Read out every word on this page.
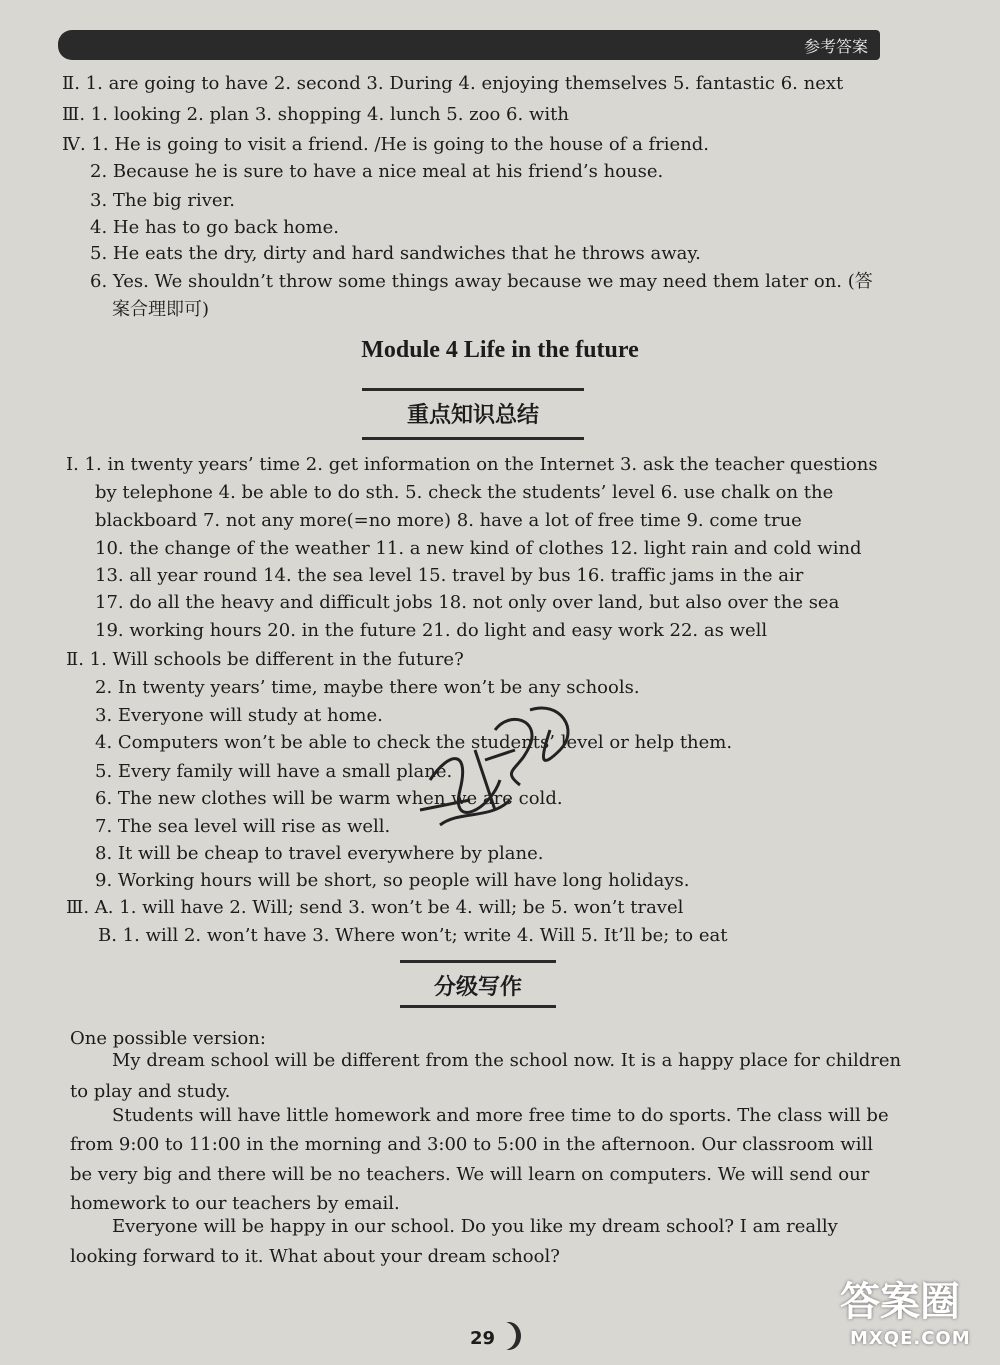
参考答案
Ⅱ. 1. are going to have 2. second 3. During 4. enjoying themselves 5. fantastic 6. next
Ⅲ. 1. looking 2. plan 3. shopping 4. lunch 5. zoo 6. with
Ⅳ. 1. He is going to visit a friend. /He is going to the house of a friend.
2. Because he is sure to have a nice meal at his friend’s house.
3. The big river.
4. He has to go back home.
5. He eats the dry, dirty and hard sandwiches that he throws away.
6. Yes. We shouldn’t throw some things away because we may need them later on. (答
案合理即可)
Module 4 Life in the future
重点知识总结
Ⅰ. 1. in twenty years’ time 2. get information on the Internet 3. ask the teacher questions
by telephone 4. be able to do sth. 5. check the students’ level 6. use chalk on the
blackboard 7. not any more(=no more) 8. have a lot of free time 9. come true
10. the change of the weather 11. a new kind of clothes 12. light rain and cold wind
13. all year round 14. the sea level 15. travel by bus 16. traffic jams in the air
17. do all the heavy and difficult jobs 18. not only over land, but also over the sea
19. working hours 20. in the future 21. do light and easy work 22. as well
Ⅱ. 1. Will schools be different in the future?
2. In twenty years’ time, maybe there won’t be any schools.
3. Everyone will study at home.
4. Computers won’t be able to check the students’ level or help them.
5. Every family will have a small plane.
6. The new clothes will be warm when we are cold.
7. The sea level will rise as well.
8. It will be cheap to travel everywhere by plane.
9. Working hours will be short, so people will have long holidays.
Ⅲ. A. 1. will have 2. Will; send 3. won’t be 4. will; be 5. won’t travel
B. 1. will 2. won’t have 3. Where won’t; write 4. Will 5. It’ll be; to eat
分级写作
One possible version:
My dream school will be different from the school now. It is a happy place for children
to play and study.
Students will have little homework and more free time to do sports. The class will be
from 9:00 to 11:00 in the morning and 3:00 to 5:00 in the afternoon. Our classroom will
be very big and there will be no teachers. We will learn on computers. We will send our
homework to our teachers by email.
Everyone will be happy in our school. Do you like my dream school? I am really
looking forward to it. What about your dream school?
29
答案圈
MXQE.COM
